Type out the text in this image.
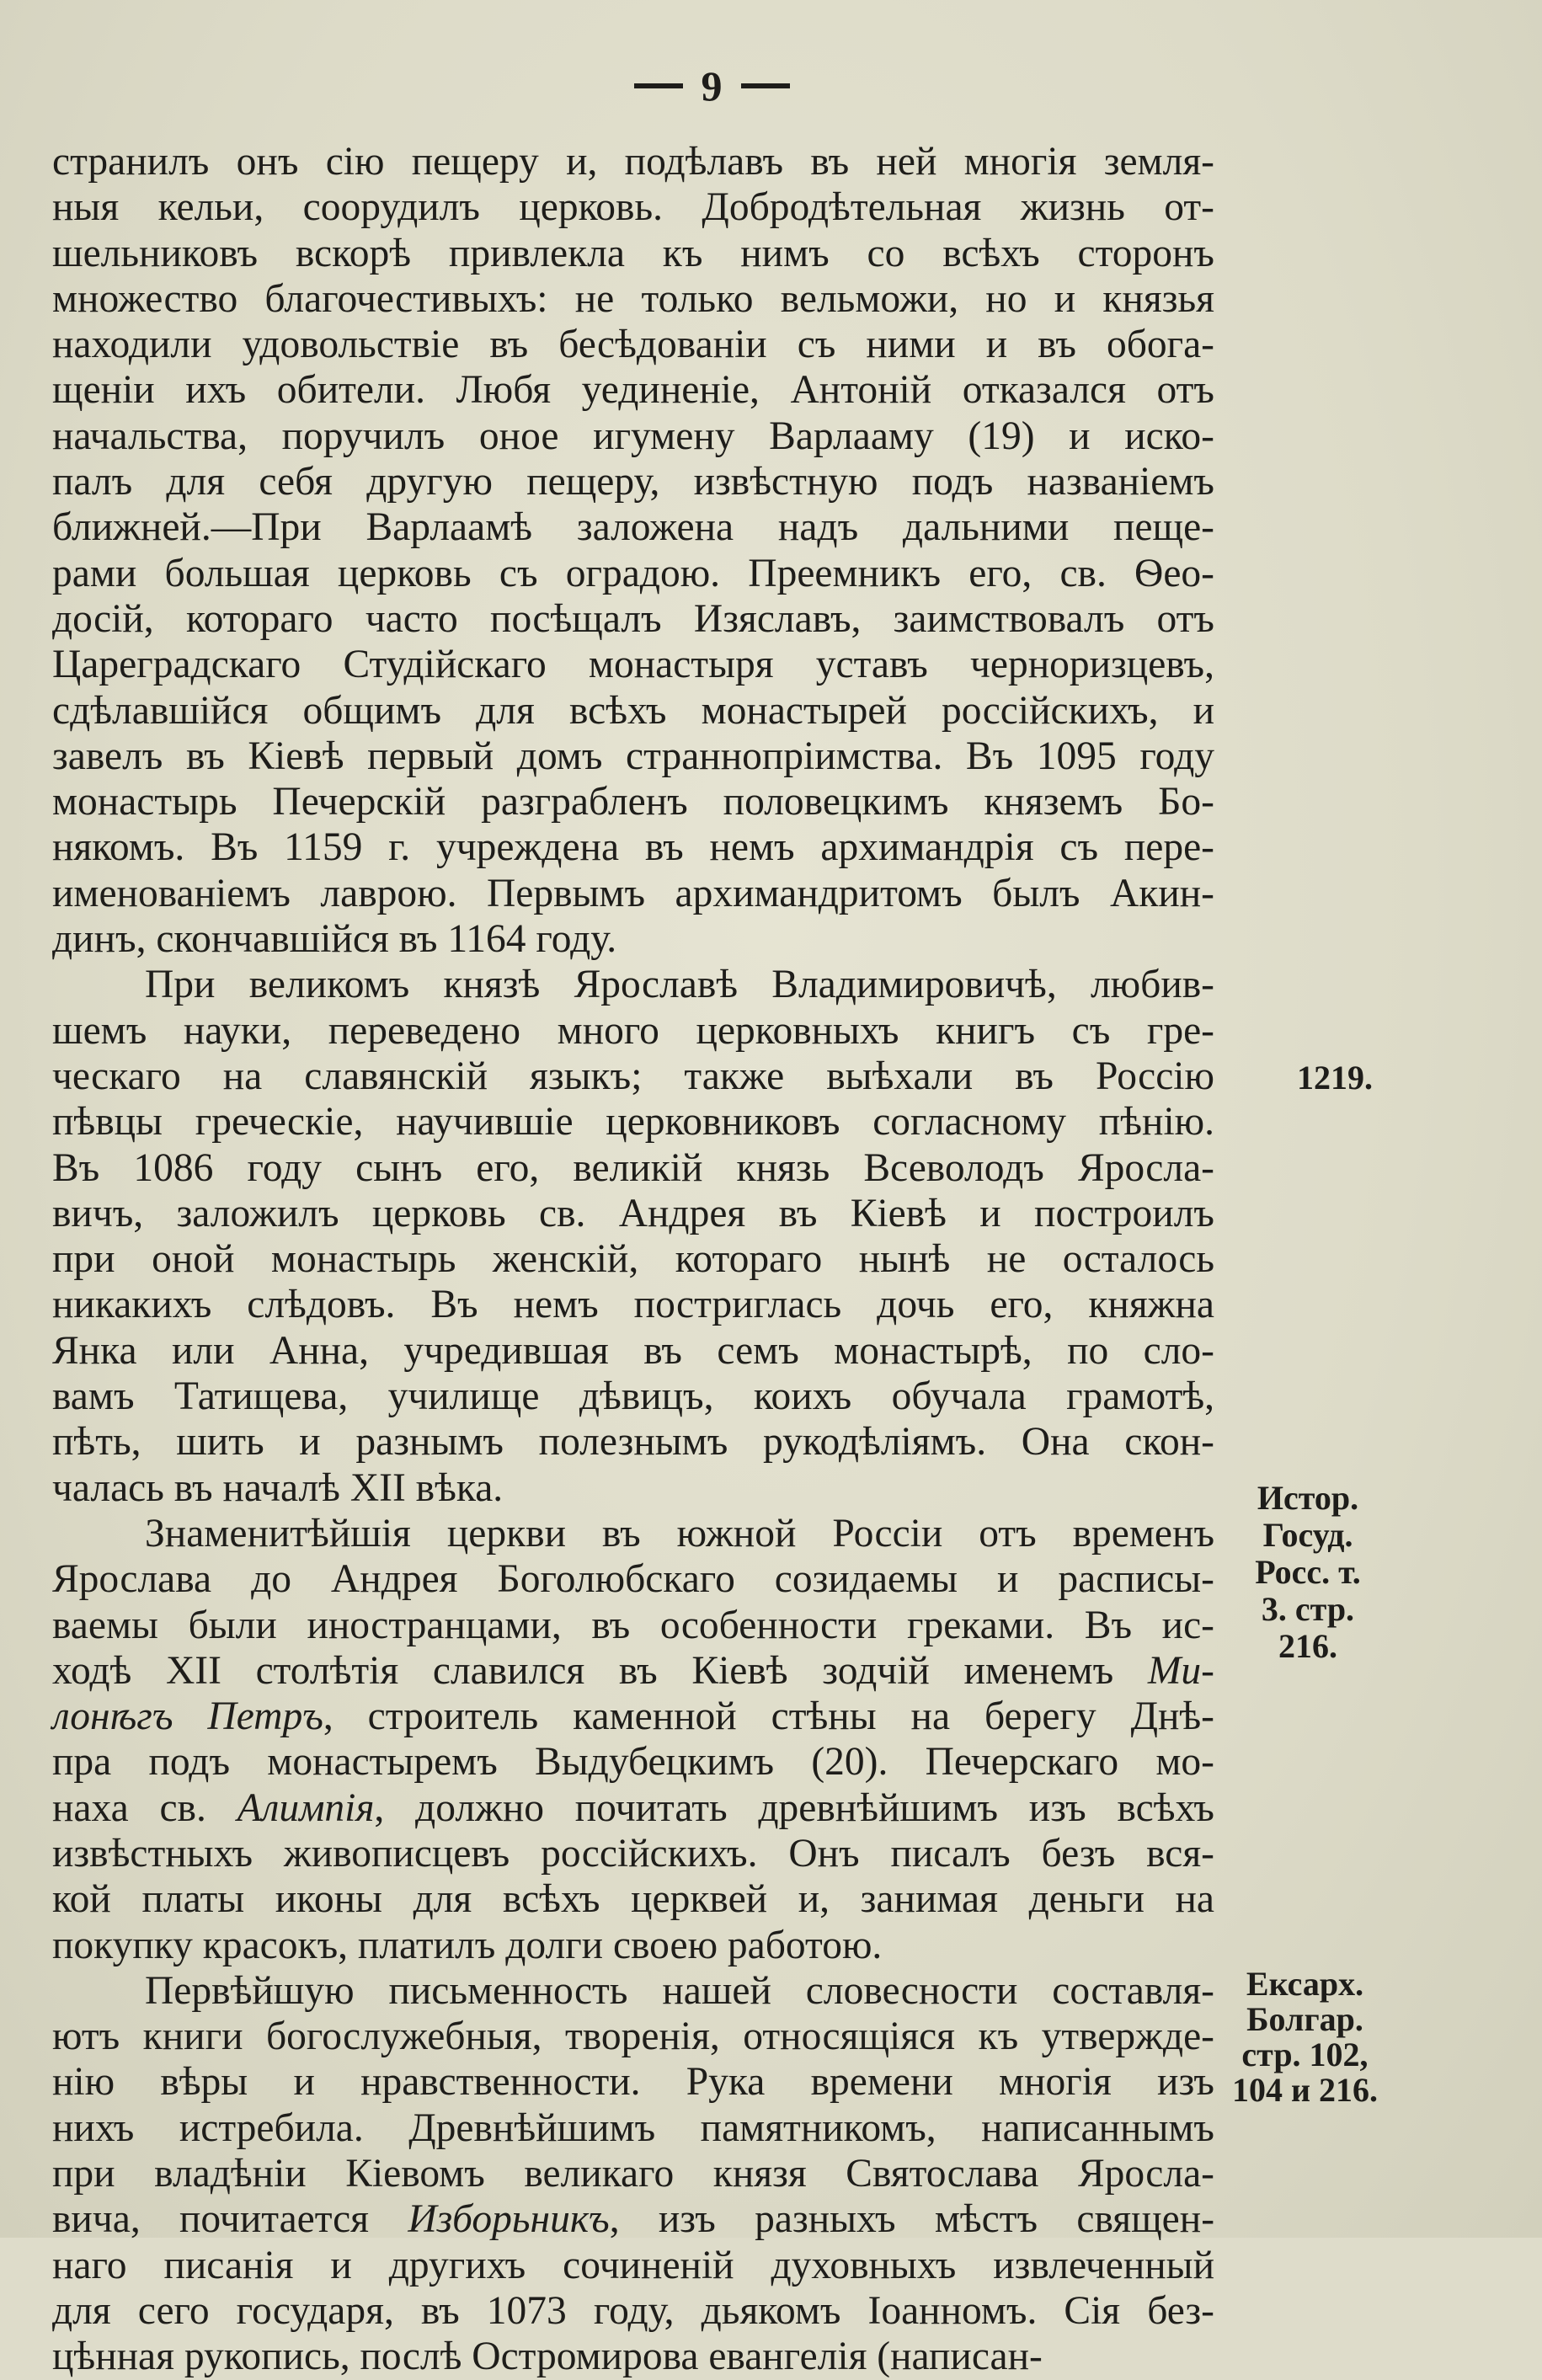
9
странилъ онъ сію пещеру и, подѣлавъ въ ней многія земля-
ныя кельи, соорудилъ церковь. Добродѣтельная жизнь от-
шельниковъ вскорѣ привлекла къ нимъ со всѣхъ сторонъ
множество благочестивыхъ: не только вельможи, но и князья
находили удовольствіе въ бесѣдованіи съ ними и въ обога-
щеніи ихъ обители. Любя уединеніе, Антоній отказался отъ
начальства, поручилъ оное игумену Варлааму (19) и иско-
палъ для себя другую пещеру, извѣстную подъ названіемъ
ближней.—При Варлаамѣ заложена надъ дальними пеще-
рами большая церковь съ оградою. Преемникъ его, св. Ѳео-
досій, котораго часто посѣщалъ Изяславъ, заимствовалъ отъ
Цареградскаго Студійскаго монастыря уставъ черноризцевъ,
сдѣлавшійся общимъ для всѣхъ монастырей россійскихъ, и
завелъ въ Кіевѣ первый домъ страннопріимства. Въ 1095 году
монастырь Печерскій разграбленъ половецкимъ княземъ Бо-
някомъ. Въ 1159 г. учреждена въ немъ архимандрія съ пере-
именованіемъ лаврою. Первымъ архимандритомъ былъ Акин-
динъ, скончавшійся въ 1164 году.
При великомъ князѣ Ярославѣ Владимировичѣ, любив-
шемъ науки, переведено много церковныхъ книгъ съ гре-
ческаго на славянскій языкъ; также выѣхали въ Россію
пѣвцы греческіе, научившіе церковниковъ согласному пѣнію.
Въ 1086 году сынъ его, великій князь Всеволодъ Яросла-
вичъ, заложилъ церковь св. Андрея въ Кіевѣ и построилъ
при оной монастырь женскій, котораго нынѣ не осталось
никакихъ слѣдовъ. Въ немъ постриглась дочь его, княжна
Янка или Анна, учредившая въ семъ монастырѣ, по сло-
вамъ Татищева, училище дѣвицъ, коихъ обучала грамотѣ,
пѣть, шить и разнымъ полезнымъ рукодѣліямъ. Она скон-
чалась въ началѣ XII вѣка.
Знаменитѣйшія церкви въ южной Россіи отъ временъ
Ярослава до Андрея Боголюбскаго созидаемы и расписы-
ваемы были иностранцами, въ особенности греками. Въ ис-
ходѣ XII столѣтія славился въ Кіевѣ зодчій именемъ Ми-
лонѣгъ Петръ, строитель каменной стѣны на берегу Днѣ-
пра подъ монастыремъ Выдубецкимъ (20). Печерскаго мо-
наха св. Алимпія, должно почитать древнѣйшимъ изъ всѣхъ
извѣстныхъ живописцевъ россійскихъ. Онъ писалъ безъ вся-
кой платы иконы для всѣхъ церквей и, занимая деньги на
покупку красокъ, платилъ долги своею работою.
Первѣйшую письменность нашей словесности составля-
ютъ книги богослужебныя, творенія, относящіяся къ утвержде-
нію вѣры и нравственности. Рука времени многія изъ
нихъ истребила. Древнѣйшимъ памятникомъ, написаннымъ
при владѣніи Кіевомъ великаго князя Святослава Яросла-
вича, почитается Изборьникъ, изъ разныхъ мѣстъ священ-
наго писанія и другихъ сочиненій духовныхъ извлеченный
для сего государя, въ 1073 году, дьякомъ Іоанномъ. Сія без-
цѣнная рукопись, послѣ Остромирова евангелія (написан-
1219.
Истор.
Госуд.
Росс. т.
3. стр.
216.
Ексарх.
Болгар.
стр. 102,
104 и 216.
